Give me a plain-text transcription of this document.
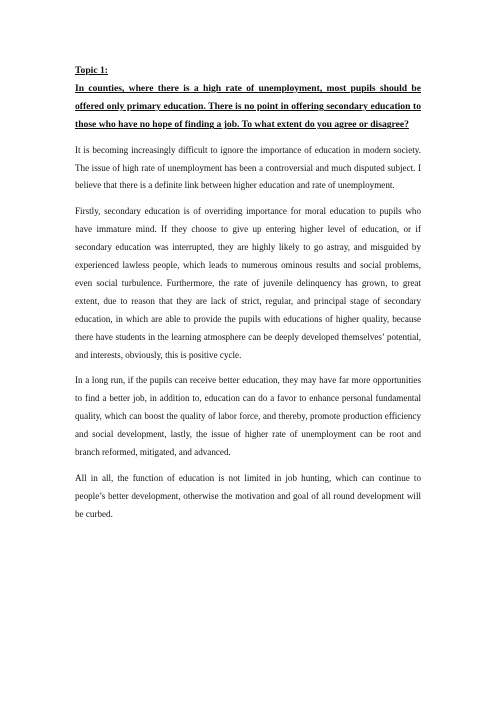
Topic 1:

In counties, where there is a high rate of unemployment, most pupils should be offered only primary education. There is no point in offering secondary education to those who have no hope of finding a job. To what extent do you agree or disagree?

It is becoming increasingly difficult to ignore the importance of education in modern society. The issue of high rate of unemployment has been a controversial and much disputed subject. I believe that there is a definite link between higher education and rate of unemployment.

Firstly, secondary education is of overriding importance for moral education to pupils who have immature mind. If they choose to give up entering higher level of education, or if secondary education was interrupted, they are highly likely to go astray, and misguided by experienced lawless people, which leads to numerous ominous results and social problems, even social turbulence. Furthermore, the rate of juvenile delinquency has grown, to great extent, due to reason that they are lack of strict, regular, and principal stage of secondary education, in which are able to provide the pupils with educations of higher quality, because there have students in the learning atmosphere can be deeply developed themselves’ potential, and interests, obviously, this is positive cycle.

In a long run, if the pupils can receive better education, they may have far more opportunities to find a better job, in addition to, education can do a favor to enhance personal fundamental quality, which can boost the quality of labor force, and thereby, promote production efficiency and social development, lastly, the issue of higher rate of unemployment can be root and branch reformed, mitigated, and advanced.

All in all, the function of education is not limited in job hunting, which can continue to people’s better development, otherwise the motivation and goal of all round development will be curbed.
